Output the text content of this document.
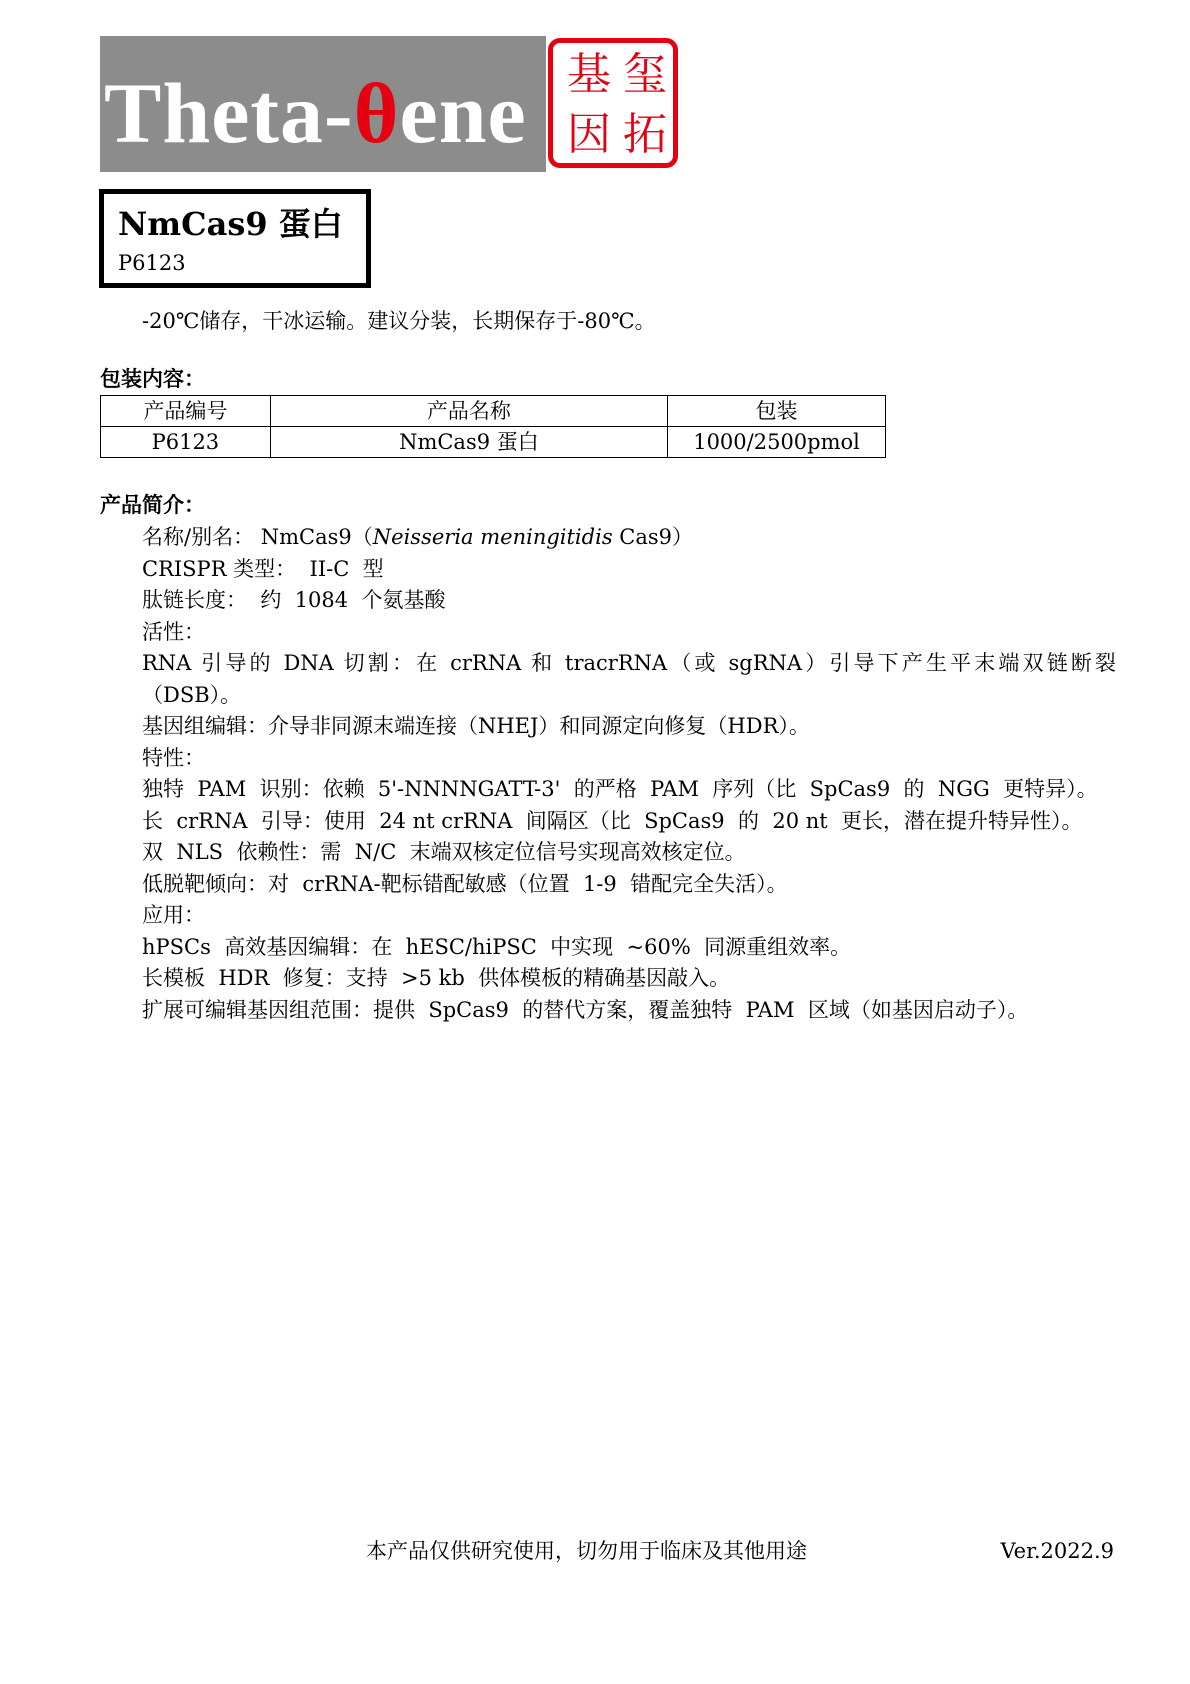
Theta-θene 基 玺
因 拓
NmCas9 蛋白
P6123
-20℃储存，干冰运输。建议分装，长期保存于-80℃。
包装内容：
产品编号	产品名称	包装
P6123	NmCas9 蛋白	1000/2500pmol
产品简介：
名称/别名： NmCas9（Neisseria meningitidis Cas9）
CRISPR 类型：  II-C  型
肽链长度：  约  1084  个氨基酸
活性：
RNA 引导的 DNA 切割：在 crRNA 和 tracrRNA（或 sgRNA）引导下产生平末端双链断裂
（DSB）。
基因组编辑：介导非同源末端连接（NHEJ）和同源定向修复（HDR）。
特性：
独特  PAM  识别：依赖  5'-NNNNGATT-3'  的严格  PAM  序列（比  SpCas9  的  NGG  更特异）。
长  crRNA  引导：使用  24 nt crRNA  间隔区（比  SpCas9  的  20 nt  更长，潜在提升特异性）。
双  NLS  依赖性：需  N/C  末端双核定位信号实现高效核定位。
低脱靶倾向：对  crRNA-靶标错配敏感（位置  1-9  错配完全失活）。
应用：
hPSCs  高效基因编辑：在  hESC/hiPSC  中实现  ~60%  同源重组效率。
长模板  HDR  修复：支持  >5 kb  供体模板的精确基因敲入。
扩展可编辑基因组范围：提供  SpCas9  的替代方案，覆盖独特  PAM  区域（如基因启动子）。
本产品仅供研究使用，切勿用于临床及其他用途	Ver.2022.9
